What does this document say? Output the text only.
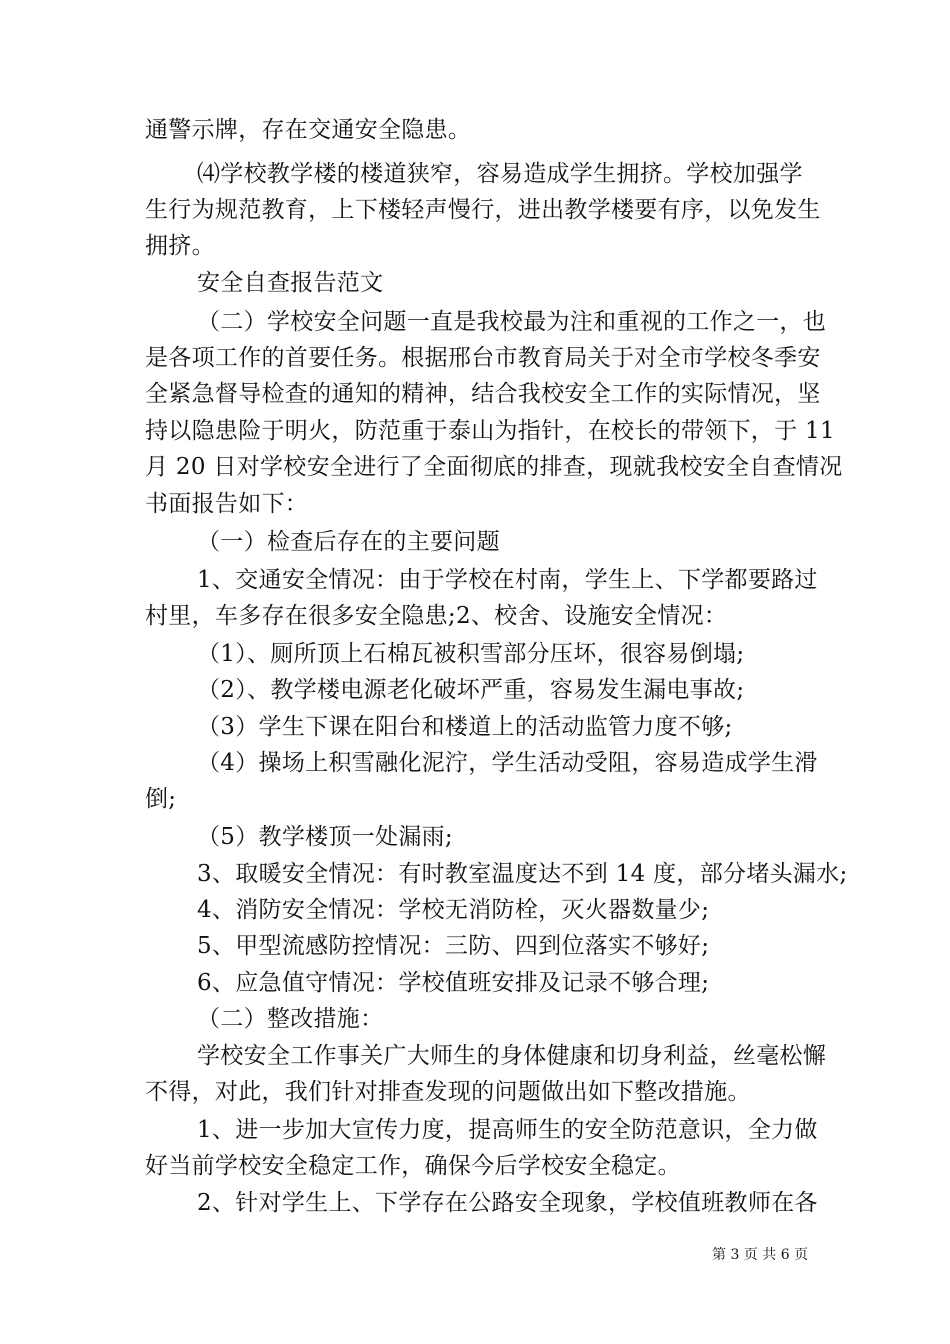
通警示牌，存在交通安全隐患。
⑷学校教学楼的楼道狭窄，容易造成学生拥挤。学校加强学
生行为规范教育，上下楼轻声慢行，进出教学楼要有序，以免发生
拥挤。
安全自查报告范文
（二）学校安全问题一直是我校最为注和重视的工作之一，也
是各项工作的首要任务。根据邢台市教育局关于对全市学校冬季安
全紧急督导检查的通知的精神，结合我校安全工作的实际情况，坚
持以隐患险于明火，防范重于泰山为指针，在校长的带领下，于 11
月 20 日对学校安全进行了全面彻底的排查，现就我校安全自查情况
书面报告如下：
（一）检查后存在的主要问题
1、交通安全情况：由于学校在村南，学生上、下学都要路过
村里，车多存在很多安全隐患;2、校舍、设施安全情况：
（1）、厕所顶上石棉瓦被积雪部分压坏，很容易倒塌;
（2）、教学楼电源老化破坏严重，容易发生漏电事故;
（3）学生下课在阳台和楼道上的活动监管力度不够;
（4）操场上积雪融化泥泞，学生活动受阻，容易造成学生滑
倒;
（5）教学楼顶一处漏雨;
3、取暖安全情况：有时教室温度达不到 14 度，部分堵头漏水;
4、消防安全情况：学校无消防栓，灭火器数量少;
5、甲型流感防控情况：三防、四到位落实不够好;
6、应急值守情况：学校值班安排及记录不够合理;
（二）整改措施：
学校安全工作事关广大师生的身体健康和切身利益，丝毫松懈
不得，对此，我们针对排查发现的问题做出如下整改措施。
1、进一步加大宣传力度，提高师生的安全防范意识，全力做
好当前学校安全稳定工作，确保今后学校安全稳定。
2、针对学生上、下学存在公路安全现象，学校值班教师在各
第 3 页 共 6 页
